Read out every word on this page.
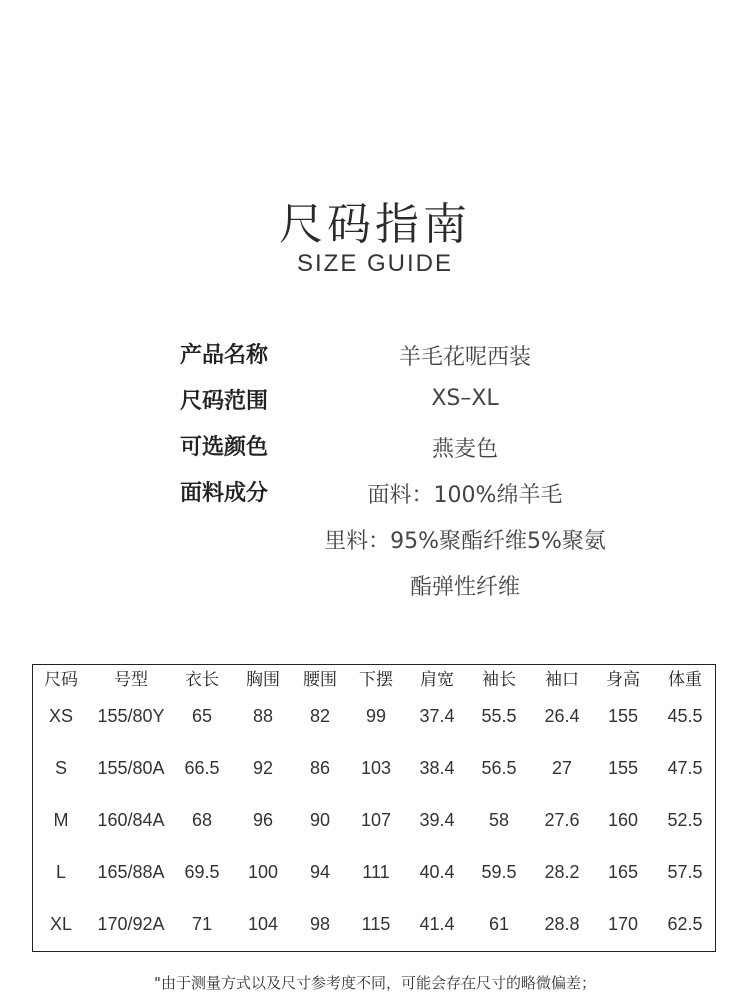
尺码指南
SIZE GUIDE
产品名称	羊毛花呢西装
尺码范围	XS–XL
可选颜色	燕麦色
面料成分	面料：100%绵羊毛
里料：95%聚酯纤维5%聚氨
酯弹性纤维
尺码	号型	衣长	胸围	腰围	下摆	肩宽	袖长	袖口	身高	体重
XS	155/80Y	65	88	82	99	37.4	55.5	26.4	155	45.5
S	155/80A	66.5	92	86	103	38.4	56.5	27	155	47.5
M	160/84A	68	96	90	107	39.4	58	27.6	160	52.5
L	165/88A	69.5	100	94	111	40.4	59.5	28.2	165	57.5
XL	170/92A	71	104	98	115	41.4	61	28.8	170	62.5
"由于测量方式以及尺寸参考度不同，可能会存在尺寸的略微偏差；
